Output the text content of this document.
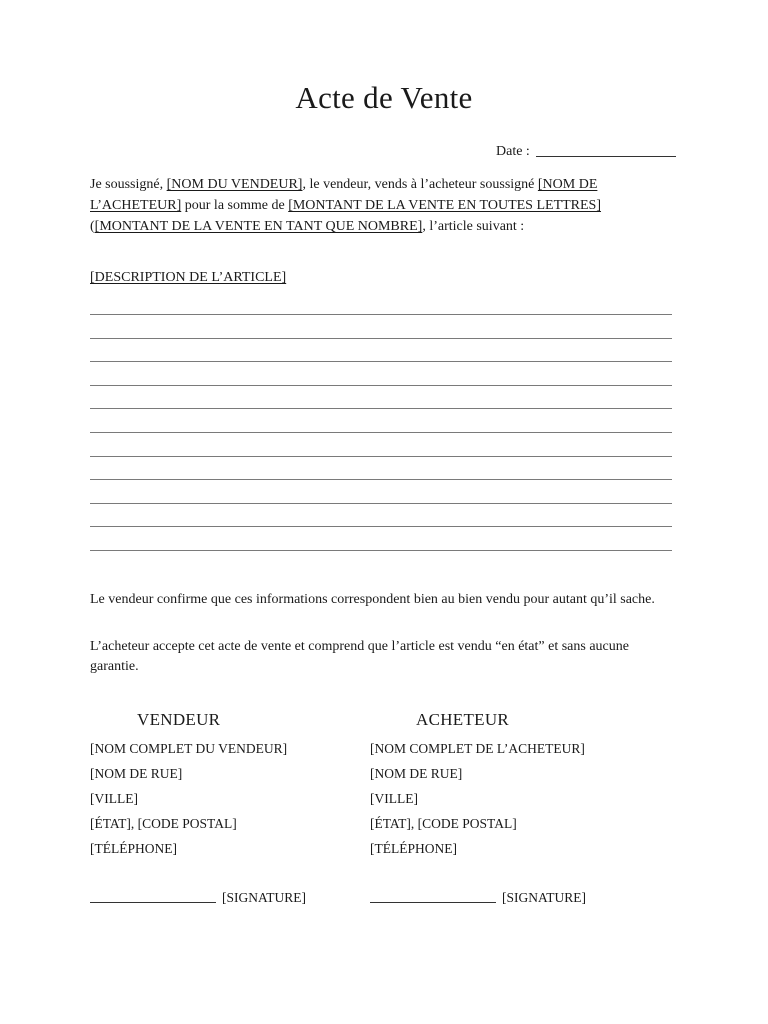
Acte de Vente
Date :

Je soussigné, [NOM DU VENDEUR], le vendeur, vends à l’acheteur soussigné [NOM DE L’ACHETEUR] pour la somme de [MONTANT DE LA VENTE EN TOUTES LETTRES] ([MONTANT DE LA VENTE EN TANT QUE NOMBRE], l’article suivant :

[DESCRIPTION DE L’ARTICLE]

Le vendeur confirme que ces informations correspondent bien au bien vendu pour autant qu’il sache.

L’acheteur accepte cet acte de vente et comprend que l’article est vendu “en état” et sans aucune garantie.

VENDEUR
[NOM COMPLET DU VENDEUR]
[NOM DE RUE]
[VILLE]
[ÉTAT], [CODE POSTAL]
[TÉLÉPHONE]
[SIGNATURE]
ACHETEUR
[NOM COMPLET DE L’ACHETEUR]
[NOM DE RUE]
[VILLE]
[ÉTAT], [CODE POSTAL]
[TÉLÉPHONE]
[SIGNATURE]
